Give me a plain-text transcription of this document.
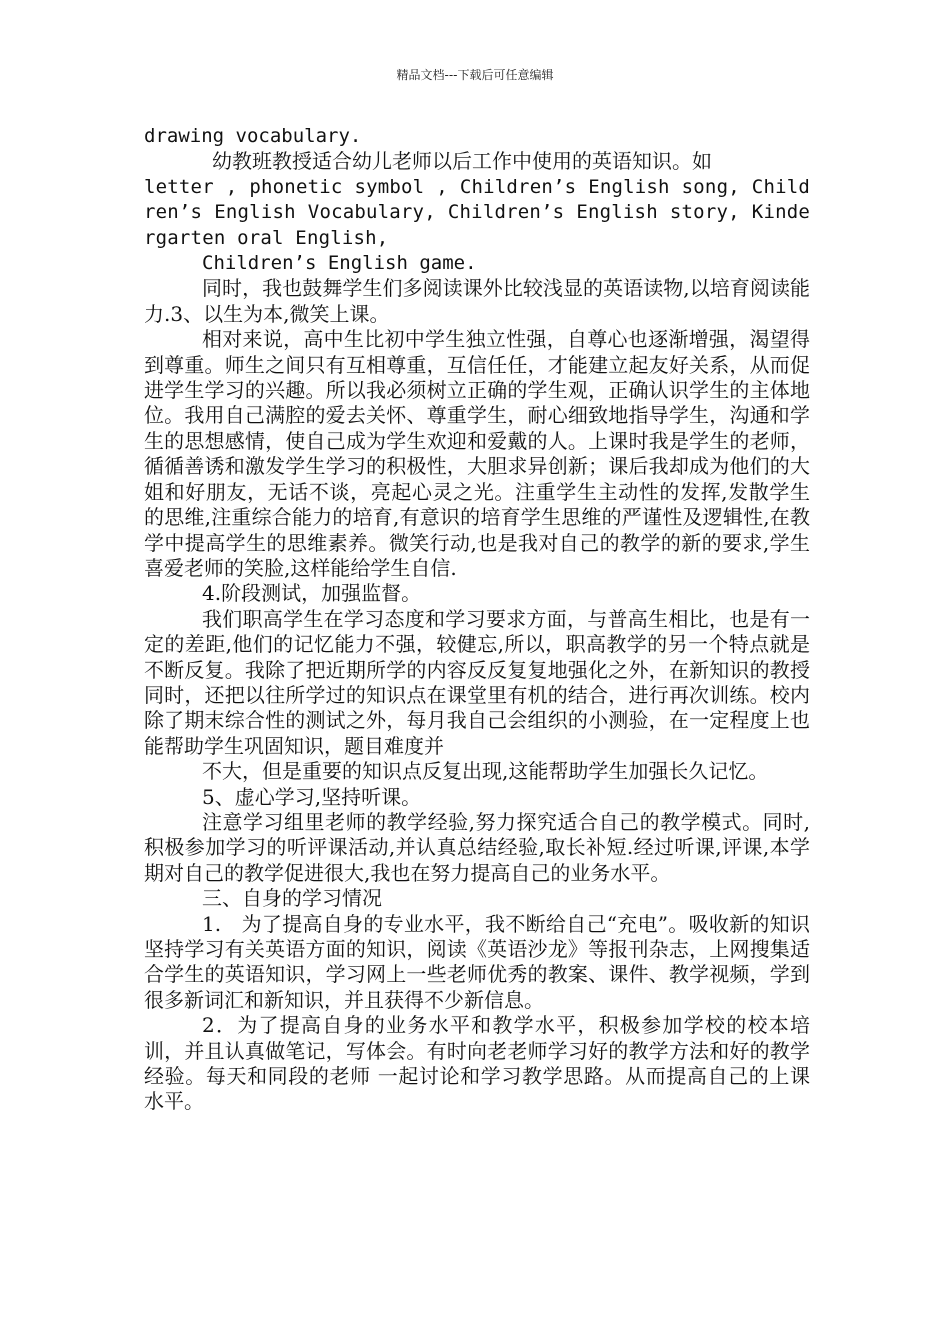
精品文档---下载后可任意编辑

drawing vocabulary.

幼教班教授适合幼儿老师以后工作中使用的英语知识。如

letter , phonetic symbol , Children’s English song, Children’s English Vocabulary, Children’s English story, Kindergarten oral English,

Children’s English game.

同时，我也鼓舞学生们多阅读课外比较浅显的英语读物,以培育阅读能力.3、以生为本,微笑上课。

相对来说，高中生比初中学生独立性强，自尊心也逐渐增强，渴望得到尊重。师生之间只有互相尊重，互信任任，才能建立起友好关系，从而促进学生学习的兴趣。所以我必须树立正确的学生观，正确认识学生的主体地位。我用自己满腔的爱去关怀、尊重学生，耐心细致地指导学生，沟通和学生的思想感情，使自己成为学生欢迎和爱戴的人。上课时我是学生的老师，循循善诱和激发学生学习的积极性，大胆求异创新；课后我却成为他们的大姐和好朋友，无话不谈，亮起心灵之光。注重学生主动性的发挥,发散学生的思维,注重综合能力的培育,有意识的培育学生思维的严谨性及逻辑性,在教学中提高学生的思维素养。微笑行动,也是我对自己的教学的新的要求,学生喜爱老师的笑脸,这样能给学生自信.

4.阶段测试，加强监督。

我们职高学生在学习态度和学习要求方面，与普高生相比，也是有一定的差距,他们的记忆能力不强，较健忘,所以，职高教学的另一个特点就是不断反复。我除了把近期所学的内容反反复复地强化之外，在新知识的教授同时，还把以往所学过的知识点在课堂里有机的结合，进行再次训练。校内除了期末综合性的测试之外，每月我自己会组织的小测验，在一定程度上也能帮助学生巩固知识，题目难度并

不大，但是重要的知识点反复出现,这能帮助学生加强长久记忆。

5、虚心学习,坚持听课。

注意学习组里老师的教学经验,努力探究适合自己的教学模式。同时,积极参加学习的听评课活动,并认真总结经验,取长补短.经过听课,评课,本学期对自己的教学促进很大,我也在努力提高自己的业务水平。

三、自身的学习情况

1.　为了提高自身的专业水平，我不断给自己“充电”。吸收新的知识坚持学习有关英语方面的知识，阅读《英语沙龙》等报刊杂志，上网搜集适合学生的英语知识，学习网上一些老师优秀的教案、课件、教学视频，学到很多新词汇和新知识，并且获得不少新信息。

2．为了提高自身的业务水平和教学水平，积极参加学校的校本培训，并且认真做笔记，写体会。有时向老老师学习好的教学方法和好的教学经验。每天和同段的老师 一起讨论和学习教学思路。从而提高自己的上课水平。
